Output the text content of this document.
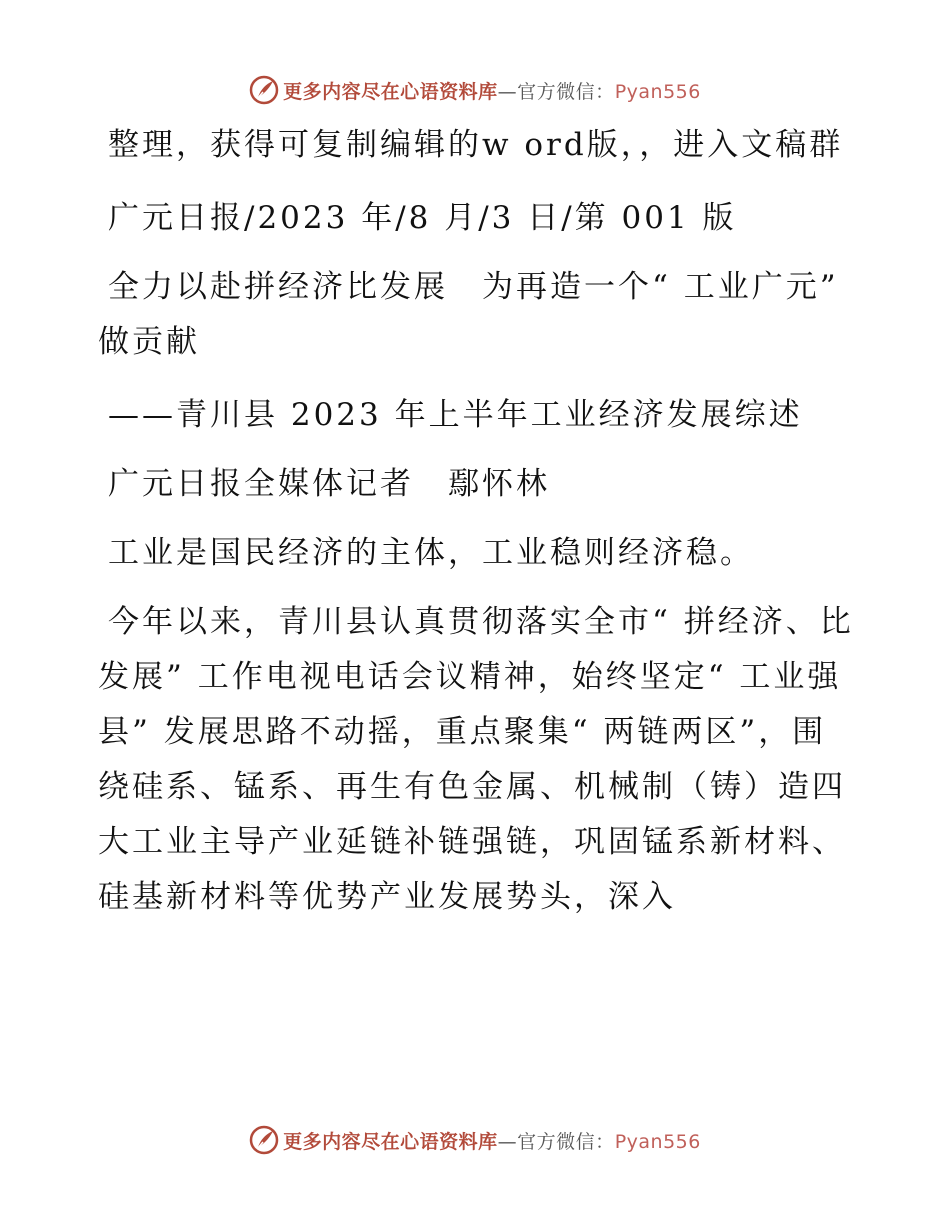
更多内容尽在心语资料库—官方微信：Pyan556

整理，获得可复制编辑的w ord版，，进入文稿群

广元日报/2023 年/8 月/3 日/第 001 版

全力以赴拼经济比发展　为再造一个“ 工业广元” 做贡献

——青川县 2023 年上半年工业经济发展综述

广元日报全媒体记者　鄢怀林

工业是国民经济的主体，工业稳则经济稳。

今年以来，青川县认真贯彻落实全市“ 拼经济、比发展” 工作电视电话会议精神，始终坚定“ 工业强县” 发展思路不动摇，重点聚集“ 两链两区”，围绕硅系、锰系、再生有色金属、机械制（铸）造四大工业主导产业延链补链强链，巩固锰系新材料、硅基新材料等优势产业发展势头，深入

更多内容尽在心语资料库—官方微信：Pyan556
